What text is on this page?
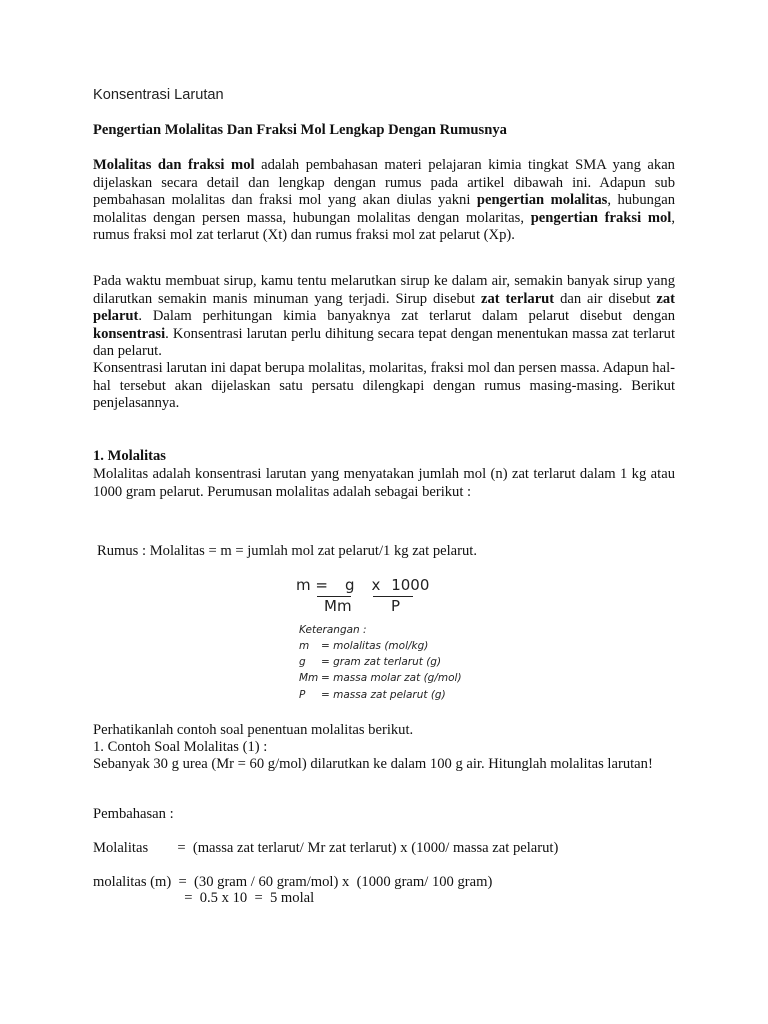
Konsentrasi Larutan

Pengertian Molalitas Dan Fraksi Mol Lengkap Dengan Rumusnya

Molalitas dan fraksi mol adalah pembahasan materi pelajaran kimia tingkat SMA yang akan dijelaskan secara detail dan lengkap dengan rumus pada artikel dibawah ini. Adapun sub pembahasan molalitas dan fraksi mol yang akan diulas yakni pengertian molalitas, hubungan molalitas dengan persen massa, hubungan molalitas dengan molaritas, pengertian fraksi mol, rumus fraksi mol zat terlarut (Xt) dan rumus fraksi mol zat pelarut (Xp).

Pada waktu membuat sirup, kamu tentu melarutkan sirup ke dalam air, semakin banyak sirup yang dilarutkan semakin manis minuman yang terjadi. Sirup disebut zat terlarut dan air disebut zat pelarut. Dalam perhitungan kimia banyaknya zat terlarut dalam pelarut disebut dengan konsentrasi. Konsentrasi larutan perlu dihitung secara tepat dengan menentukan massa zat terlarut dan pelarut.

Konsentrasi larutan ini dapat berupa molalitas, molaritas, fraksi mol dan persen massa. Adapun hal-hal tersebut akan dijelaskan satu persatu dilengkapi dengan rumus masing-masing. Berikut penjelasannya.

1. Molalitas

Molalitas adalah konsentrasi larutan yang menyatakan jumlah mol (n) zat terlarut dalam 1 kg atau 1000 gram pelarut. Perumusan molalitas adalah sebagai berikut :

Rumus : Molalitas = m = jumlah mol zat pelarut/1 kg zat pelarut.

m = g x 1000
Mm	P
Keterangan :
m = molalitas (mol/kg)
g = gram zat terlarut (g)
Mm = massa molar zat (g/mol)
P = massa zat pelarut (g)

Perhatikanlah contoh soal penentuan molalitas berikut.

1. Contoh Soal Molalitas (1) :

Sebanyak 30 g urea (Mr = 60 g/mol) dilarutkan ke dalam 100 g air. Hitunglah molalitas larutan!

Pembahasan :

Molalitas        =  (massa zat terlarut/ Mr zat terlarut) x (1000/ massa zat pelarut)

molalitas (m)  =  (30 gram / 60 gram/mol) x  (1000 gram/ 100 gram)

=  0.5 x 10  =  5 molal
